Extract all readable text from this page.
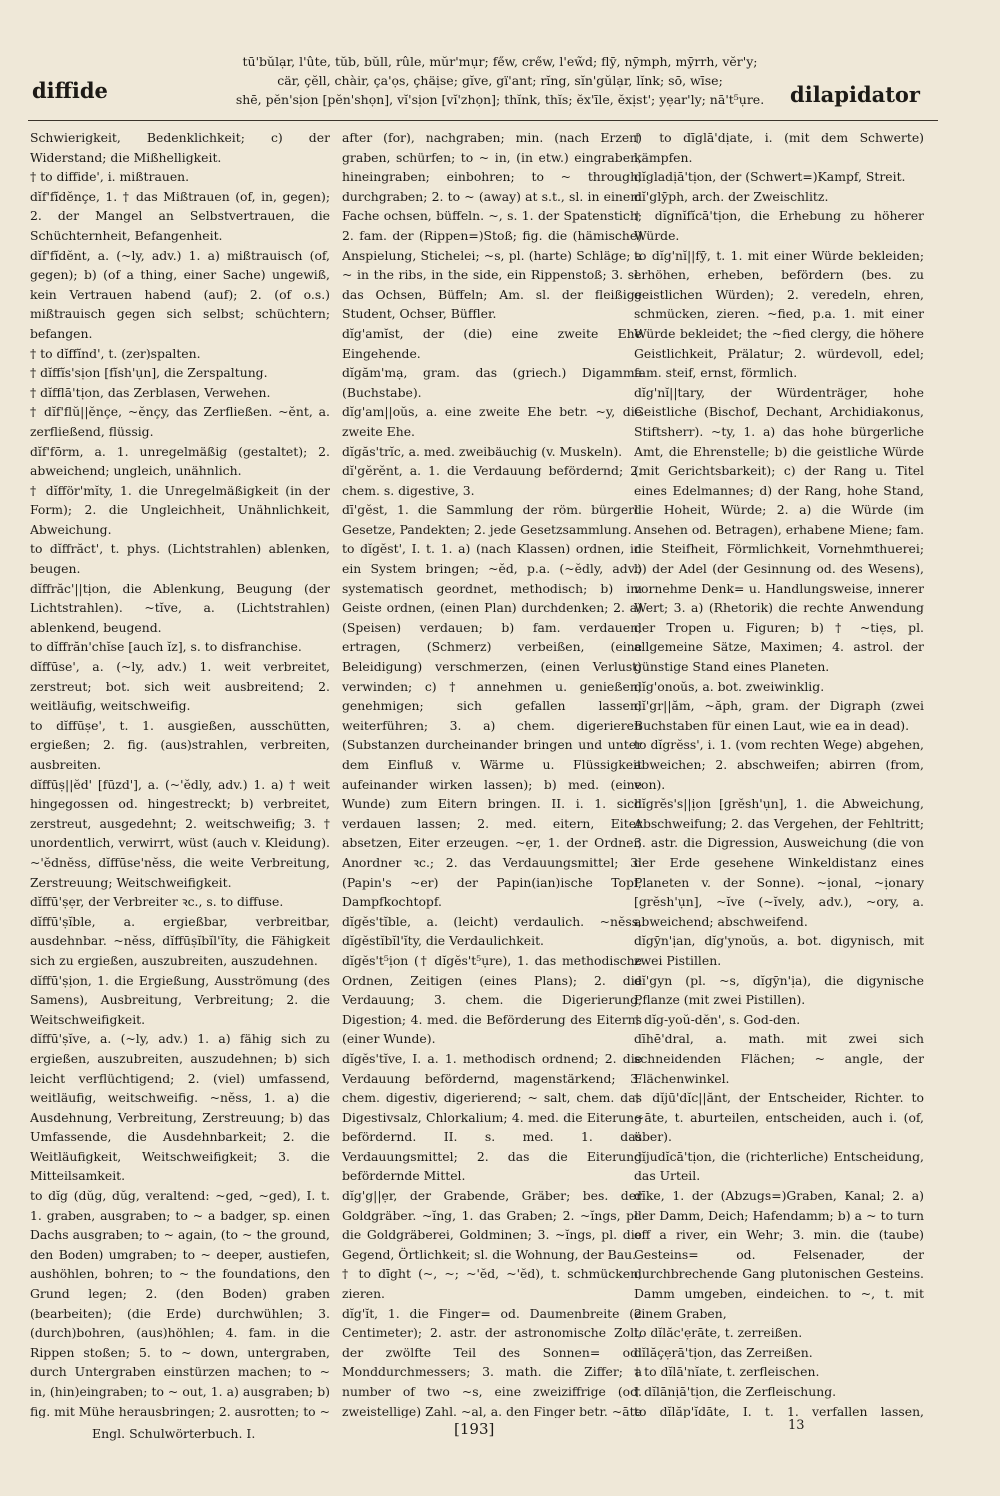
diffide
tū'bŭlạr, l'ûte, tŭb, bŭll, rûle, mŭr'mụr; fe̋w, cre̋w, l'ew̃d; flȳ, nȳmph, mȳrrh, vĕr'y;
cär, çĕll, chàir, ça'ọs, çhäịse; gĭve, gï'ant; rĭng, sĭn'gŭlạr, lĭnk; sō, wīse;
shē, pĕn'sịon [pĕn'shọn], vĭ'sịon [vĭ'zhọn]; thĭnk, thĭs; ĕx'īle, ĕxịst'; yẹar'ly; nā't⁵ụre.	dilapidator

Schwierigkeit, Bedenklichkeit; c) der Widerstand; die Mißhelligkeit.

† to diffide', i. mißtrauen.

dĭf'fĭdĕnçe, 1. † das Mißtrauen (of, in, gegen); 2. der Mangel an Selbstvertrauen, die Schüchternheit, Befangenheit.

dĭf'fĭdĕnt, a. (~ly, adv.) 1. a) mißtrauisch (of, gegen); b) (of a thing, einer Sache) ungewiß, kein Vertrauen habend (auf); 2. (of o.s.) mißtrauisch gegen sich selbst; schüchtern; befangen.

† to dĭffĭnd', t. (zer)spalten.

† dĭffĭs'sịon [fĭsh'ụn], die Zerspaltung.

† dĭfflā'tịon, das Zerblasen, Verwehen.

† dĭf'flŭ||ĕnçe, ~ĕnçy, das Zerfließen. ~ĕnt, a. zerfließend, flüssig.

dĭf'fōrm, a. 1. unregelmäßig (gestaltet); 2. abweichend; ungleich, unähnlich.

† dĭfför'mĭty, 1. die Unregelmäßigkeit (in der Form); 2. die Ungleichheit, Unähnlichkeit, Abweichung.

to dĭffrăct', t. phys. (Lichtstrahlen) ablenken, beugen.

dĭffrăc'||tịon, die Ablenkung, Beugung (der Lichtstrahlen). ~tĭve, a. (Lichtstrahlen) ablenkend, beugend.

to dĭffrăn'chĭse [auch ĭz], s. to disfranchise.

dĭffūse', a. (~ly, adv.) 1. weit verbreitet, zerstreut; bot. sich weit ausbreitend; 2. weitläufig, weitschweifig.

to dĭffūṣe', t. 1. ausgießen, ausschütten, ergießen; 2. fig. (aus)strahlen, verbreiten, ausbreiten.

dĭffūṣ||ĕd' [fūzd'], a. (~'ĕdly, adv.) 1. a) † weit hingegossen od. hingestreckt; b) verbreitet, zerstreut, ausgedehnt; 2. weitschweifig; 3. † unordentlich, verwirrt, wüst (auch v. Kleidung). ~'ĕdnĕss, dĭffūse'nĕss, die weite Verbreitung, Zerstreuung; Weitschweifigkeit.

dĭffū'ṣẹr, der Verbreiter ꝛc., s. to diffuse.

dĭffū'ṣĭble, a. ergießbar, verbreitbar, ausdehnbar. ~nĕss, dĭffūṣĭbĭl'ĭty, die Fähigkeit sich zu ergießen, auszubreiten, auszudehnen.

dĭffū'ṣịon, 1. die Ergießung, Ausströmung (des Samens), Ausbreitung, Verbreitung; 2. die Weitschweifigkeit.

dĭffū'ṣĭve, a. (~ly, adv.) 1. a) fähig sich zu ergießen, auszubreiten, auszudehnen; b) sich leicht verflüchtigend; 2. (viel) umfassend, weitläufig, weitschweifig. ~nĕss, 1. a) die Ausdehnung, Verbreitung, Zerstreuung; b) das Umfassende, die Ausdehnbarkeit; 2. die Weitläufigkeit, Weitschweifigkeit; 3. die Mitteilsamkeit.

to dĭg (dŭg, dŭg, veraltend: ~ged, ~ged), I. t. 1. graben, ausgraben; to ~ a badger, sp. einen Dachs ausgraben; to ~ again, (to ~ the ground, den Boden) umgraben; to ~ deeper, austiefen, aushöhlen, bohren; to ~ the foundations, den Grund legen; 2. (den Boden) graben (bearbeiten); (die Erde) durchwühlen; 3. (durch)bohren, (aus)höhlen; 4. fam. in die Rippen stoßen; 5. to ~ down, untergraben, durch Untergraben einstürzen machen; to ~ in, (hin)eingraben; to ~ out, 1. a) ausgraben; b) fig. mit Mühe herausbringen; 2. ausrotten; to ~

after (for), nachgraben; min. (nach Erzen) graben, schürfen; to ~ in, (in etw.) eingraben, hineingraben; einbohren; to ~ through, durchgraben; 2. to ~ (away) at s.t., sl. in einem Fache ochsen, büffeln. ~, s. 1. der Spatenstich; 2. fam. der (Rippen=)Stoß; fig. die (hämische) Anspielung, Stichelei; ~s, pl. (harte) Schläge; a ~ in the ribs, in the side, ein Rippenstoß; 3. sl. das Ochsen, Büffeln; Am. sl. der fleißige Student, Ochser, Büffler.

dĭg'amĭst, der (die) eine zweite Ehe Eingehende.

dĭgăm'mạ, gram. das (griech.) Digamma (Buchstabe).

dĭg'am||oŭs, a. eine zweite Ehe betr. ~y, die zweite Ehe.

dĭgăs'trĭc, a. med. zweibäuchig (v. Muskeln).

dĭ'gĕrĕnt, a. 1. die Verdauung befördernd; 2. chem. s. digestive, 3.

dī'gĕst, 1. die Sammlung der röm. bürgerl. Gesetze, Pandekten; 2. jede Gesetzsammlung.

to dĭgĕst', I. t. 1. a) (nach Klassen) ordnen, in ein System bringen; ~ĕd, p.a. (~ĕdly, adv.) systematisch geordnet, methodisch; b) im Geiste ordnen, (einen Plan) durchdenken; 2. a) (Speisen) verdauen; b) fam. verdauen, ertragen, (Schmerz) verbeißen, (eine Beleidigung) verschmerzen, (einen Verlust) verwinden; c) † annehmen u. genießen; genehmigen; sich gefallen lassen; weiterführen; 3. a) chem. digerieren (Substanzen durcheinander bringen und unter dem Einfluß v. Wärme u. Flüssigkeit aufeinander wirken lassen); b) med. (eine Wunde) zum Eitern bringen. II. i. 1. sich verdauen lassen; 2. med. eitern, Eiter absetzen, Eiter erzeugen. ~ẹr, 1. der Ordner, Anordner ꝛc.; 2. das Verdauungsmittel; 3. (Papin's ~er) der Papin(ian)ische Topf, Dampfkochtopf.

dĭgĕs'tĭble, a. (leicht) verdaulich. ~nĕss, dĭgĕstĭbĭl'ĭty, die Verdaulichkeit.

dĭgĕs't⁵ịon († dĭgĕs't⁵ụre), 1. das methodische Ordnen, Zeitigen (eines Plans); 2. die Verdauung; 3. chem. die Digerierung, Digestion; 4. med. die Beförderung des Eiterns (einer Wunde).

dĭgĕs'tĭve, I. a. 1. methodisch ordnend; 2. die Verdauung befördernd, magenstärkend; 3. chem. digestiv, digerierend; ~ salt, chem. das Digestivsalz, Chlorkalium; 4. med. die Eiterung befördernd. II. s. med. 1. das Verdauungsmittel; 2. das die Eiterung befördernde Mittel.

dĭg'g||ẹr, der Grabende, Gräber; bes. der Goldgräber. ~ĭng, 1. das Graben; 2. ~ĭngs, pl. die Goldgräberei, Goldminen; 3. ~ĭngs, pl. die Gegend, Örtlichkeit; sl. die Wohnung, der Bau.

† to dīght (~, ~; ~'ĕd, ~'ĕd), t. schmücken, zieren.

dĭg'ĭt, 1. die Finger= od. Daumenbreite (2 Centimeter); 2. astr. der astronomische Zoll, der zwölfte Teil des Sonnen= od. Monddurchmessers; 3. math. die Ziffer; a number of two ~s, eine zweiziffrige (od. zweistellige) Zahl. ~al, a. den Finger betr. ~āte

† to dīglā'dịate, i. (mit dem Schwerte) kämpfen.

dĭgladịā'tịon, der (Schwert=)Kampf, Streit.

dĭ'glȳph, arch. der Zweischlitz.

† dĭgnĭfĭcā'tịon, die Erhebung zu höherer Würde.

to dĭg'nĭ||fȳ, t. 1. mit einer Würde bekleiden; erhöhen, erheben, befördern (bes. zu geistlichen Würden); 2. veredeln, ehren, schmücken, zieren. ~fied, p.a. 1. mit einer Würde bekleidet; the ~fied clergy, die höhere Geistlichkeit, Prälatur; 2. würdevoll, edel; fam. steif, ernst, förmlich.

dĭg'nĭ||tary, der Würdenträger, hohe Geistliche (Bischof, Dechant, Archidiakonus, Stiftsherr). ~ty, 1. a) das hohe bürgerliche Amt, die Ehrenstelle; b) die geistliche Würde (mit Gerichtsbarkeit); c) der Rang u. Titel eines Edelmannes; d) der Rang, hohe Stand, die Hoheit, Würde; 2. a) die Würde (im Ansehen od. Betragen), erhabene Miene; fam. die Steifheit, Förmlichkeit, Vornehmthuerei; b) der Adel (der Gesinnung od. des Wesens), vornehme Denk= u. Handlungsweise, innerer Wert; 3. a) (Rhetorik) die rechte Anwendung der Tropen u. Figuren; b) † ~tiẹs, pl. allgemeine Sätze, Maximen; 4. astrol. der günstige Stand eines Planeten.

dĭg'onoŭs, a. bot. zweiwinklig.

dĭ'gr||ăm, ~ăph, gram. der Digraph (zwei Buchstaben für einen Laut, wie ea in dead).

to dĭgrĕss', i. 1. (vom rechten Wege) abgehen, abweichen; 2. abschweifen; abirren (from, von).

dĭgrĕs's||ịon [grĕsh'ụn], 1. die Abweichung, Abschweifung; 2. das Vergehen, der Fehltritt; 3. astr. die Digression, Ausweichung (die von der Erde gesehene Winkeldistanz eines Planeten v. der Sonne). ~ịonal, ~ịonary [grĕsh'ụn], ~ĭve (~ĭvely, adv.), ~ory, a. abweichend; abschweifend.

dĭgȳn'ịan, dĭg'ynoŭs, a. bot. digynisch, mit zwei Pistillen.

dĭ'gyn (pl. ~s, dĭgȳn'ịa), die digynische Pflanze (mit zwei Pistillen).

† dĭg-yoŭ-dĕn', s. God-den.

dīhē'dral, a. math. mit zwei sich schneidenden Flächen; ~ angle, der Flächenwinkel.

† dĭjū'dĭc||ănt, der Entscheider, Richter. to ~āte, t. aburteilen, entscheiden, auch i. (of, über).

dĭjudĭcā'tịon, die (richterliche) Entscheidung, das Urteil.

dīke, 1. der (Abzugs=)Graben, Kanal; 2. a) der Damm, Deich; Hafendamm; b) a ~ to turn off a river, ein Wehr; 3. min. die (taube) Gesteins= od. Felsenader, der durchbrechende Gang plutonischen Gesteins. Damm umgeben, eindeichen. to ~, t. mit einem Graben,

to dĭlăc'ẹrāte, t. zerreißen.

dĭlăçẹrā'tịon, das Zerreißen.

† to dĭlā'nĭate, t. zerfleischen.

† dĭlānịā'tịon, die Zerfleischung.

to dĭlăp'ĭdāte, I. t. 1. verfallen lassen,

Engl. Schulwörterbuch. I.	[193]	13
